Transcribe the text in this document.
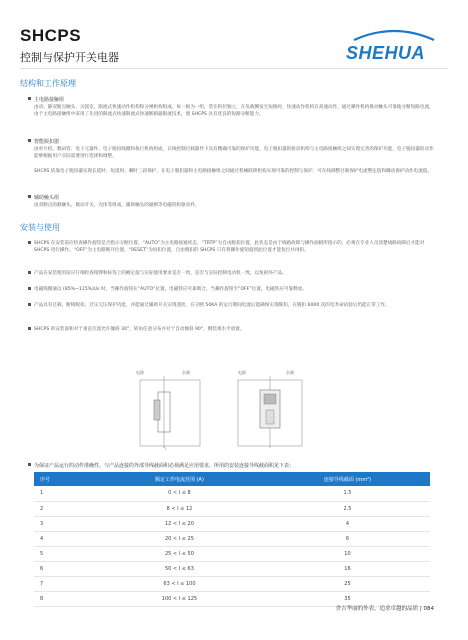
SHCPS
控制与保护开关电器	SHEHUA
结构和工作原理
主电路接触组
由动、静双断点触头、灭弧室、限流式快速动作机构和分闸机构组成，每一极为一组，装在积层独立，在负载侧发生短路时，快速动作机构在高速动作，通过操作机构推动触头可靠地分断短路电流，由于主电路接触组中采用了先进的限流式快速限流式快速断路器限流技术，使 SHCPS 具有优良的短路分断能力。
智能脱扣器
由单片机、数码管、电子元器件、电子脱扣线圈和执行机构组成，在线控制过载器件下具有精确可靠的保护功能，电子脱扣器的驱动机构与主电路接触组之间实现完善的保护功能，电子脱扣器的动作能够根据用户实际需要进行选择和调整。
SHCPS 依靠电子脱扣器实现长延时、短延时、瞬时三段保护，在电子脱扣器和主电路接触组之间通过机械联锁机构实现可靠的控制与保护，可在线调整过载保护电流整定值和瞬动保护动作电流值。
辅助触头组
由双断点的静触头、微动开关、壳体等组成，辅助触头的通断等电磁机构驱动件。
安装与使用
SHCPS 在安装前应检查操作旋钮是否指示分断位置。“AUTO”为主电路接通状态，“TRTP”为自由脱扣位置，此状态是由于线路故障与操作面板所指示的，必须在专业人员清楚线路故障后才能对 SHCPS 进行操作。“OFF”为主电路断开位置，“RESET”为再扣位置，自由脱扣的 SHCPS 只有将操作旋钮旋到此位置才能复位并再扣。
产品在安装使用前应仔细检查铭牌和标签上的额定值与实际使用要求是否一致，是否与实际控制电动机一致，以免损坏产品。
电磁线圈通以 (85%~115%)Us 时，当操作旋钮在“AUTO”位置，电磁铁应可靠吸合，当操作旋钮至“OFF”位置，电磁铁应可靠释放。
产品具有过载、断相脱扣、过压欠压保护功能，并能通过辅助开关实现遥控、在分断 50KA 的运行期间电流后能确保实现脱扣，在脱扣 6000 次的电寿命试验后仍能正常工作。
SHCPS 的安装面和对于垂直位置允许倾斜 30°，转角任意分布并对于自动倾斜 90°，倒装须水平放置。
电源	负载	电源	负载
为保证产品运行的动作准确性，与产品连接的外部导线截面积必须满足应用要求，所用的安装连接导线截面积见下表：
序号	额定工作电流范围 (A)	连接导线截面 (mm²)
1	0 < I ≤ 8	1.5
2	8 < I ≤ 12	2.5
3	12 < I ≤ 20	4
4	20 < I ≤ 25	6
5	25 < I ≤ 50	10
6	50 < I ≤ 63	16
7	63 < I ≤ 100	25
8	100 < I ≤ 125	35
舍吉华丽的外表，追求卓越的品质 | 084
